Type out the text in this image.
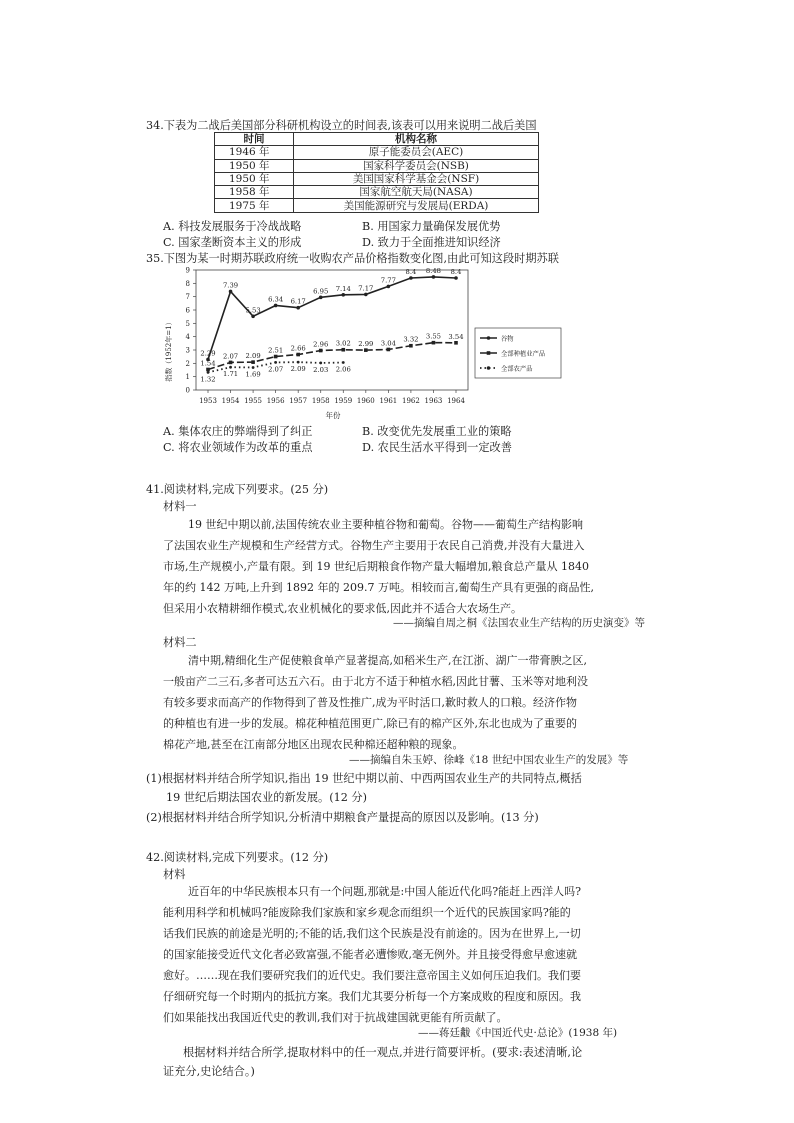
34.下表为二战后美国部分科研机构设立的时间表,该表可以用来说明二战后美国
时间	机构名称
1946 年	原子能委员会(AEC)
1950 年	国家科学委员会(NSB)
1950 年	美国国家科学基金会(NSF)
1958 年	国家航空航天局(NASA)
1975 年	美国能源研究与发展局(ERDA)
A. 科技发展服务于冷战战略	B. 用国家力量确保发展优势
C. 国家垄断资本主义的形成	D. 致力于全面推进知识经济
35.下图为某一时期苏联政府统一收购农产品价格指数变化图,由此可知这段时期苏联
0
1
2
3
4
5
6
7
8
9
1953 1954 1955 1956 1957 1958 1959 1960 1961 1962 1963 1964
2.29
7.39
5.53
6.34 6.17
6.95 7.14 7.17
7.77
8.4 8.48 8.4
1.54
2.07 2.09
2.51 2.66 2.96 3.02 2.99 3.04 3.32 3.55 3.54
1.32
1.71 1.69
2.07 2.09 2.03 2.06
指数（1952年=1）
年份
谷物
全部种植业产品
全部农产品
A. 集体农庄的弊端得到了纠正	B. 改变优先发展重工业的策略
C. 将农业领域作为改革的重点	D. 农民生活水平得到一定改善
41.阅读材料,完成下列要求。(25 分)
材料一
19 世纪中期以前,法国传统农业主要种植谷物和葡萄。谷物——葡萄生产结构影响
了法国农业生产规模和生产经营方式。谷物生产主要用于农民自己消费,并没有大量进入
市场,生产规模小,产量有限。到 19 世纪后期粮食作物产量大幅增加,粮食总产量从 1840
年的约 142 万吨,上升到 1892 年的 209.7 万吨。相较而言,葡萄生产具有更强的商品性,
但采用小农精耕细作模式,农业机械化的要求低,因此并不适合大农场生产。
——摘编自周之桐《法国农业生产结构的历史演变》等
材料二
清中期,精细化生产促使粮食单产显著提高,如稻米生产,在江浙、湖广一带膏腴之区,
一般亩产二三石,多者可达五六石。由于北方不适于种植水稻,因此甘薯、玉米等对地利没
有较多要求而高产的作物得到了普及性推广,成为平时活口,歉时救人的口粮。经济作物
的种植也有进一步的发展。棉花种植范围更广,除已有的棉产区外,东北也成为了重要的
棉花产地,甚至在江南部分地区出现农民种棉还超种粮的现象。
——摘编自朱玉婷、徐峰《18 世纪中国农业生产的发展》等
(1)根据材料并结合所学知识,指出 19 世纪中期以前、中西两国农业生产的共同特点,概括
19 世纪后期法国农业的新发展。(12 分)
(2)根据材料并结合所学知识,分析清中期粮食产量提高的原因以及影响。(13 分)
42.阅读材料,完成下列要求。(12 分)
材料
近百年的中华民族根本只有一个问题,那就是:中国人能近代化吗?能赶上西洋人吗?
能利用科学和机械吗?能废除我们家族和家乡观念而组织一个近代的民族国家吗?能的
话我们民族的前途是光明的;不能的话,我们这个民族是没有前途的。因为在世界上,一切
的国家能接受近代文化者必致富强,不能者必遭惨败,毫无例外。并且接受得愈早愈速就
愈好。……现在我们要研究我们的近代史。我们要注意帝国主义如何压迫我们。我们要
仔细研究每一个时期内的抵抗方案。我们尤其要分析每一个方案成败的程度和原因。我
们如果能找出我国近代史的教训,我们对于抗战建国就更能有所贡献了。
——蒋廷黻《中国近代史·总论》(1938 年)
根据材料并结合所学,提取材料中的任一观点,并进行简要评析。(要求:表述清晰,论
证充分,史论结合。)
